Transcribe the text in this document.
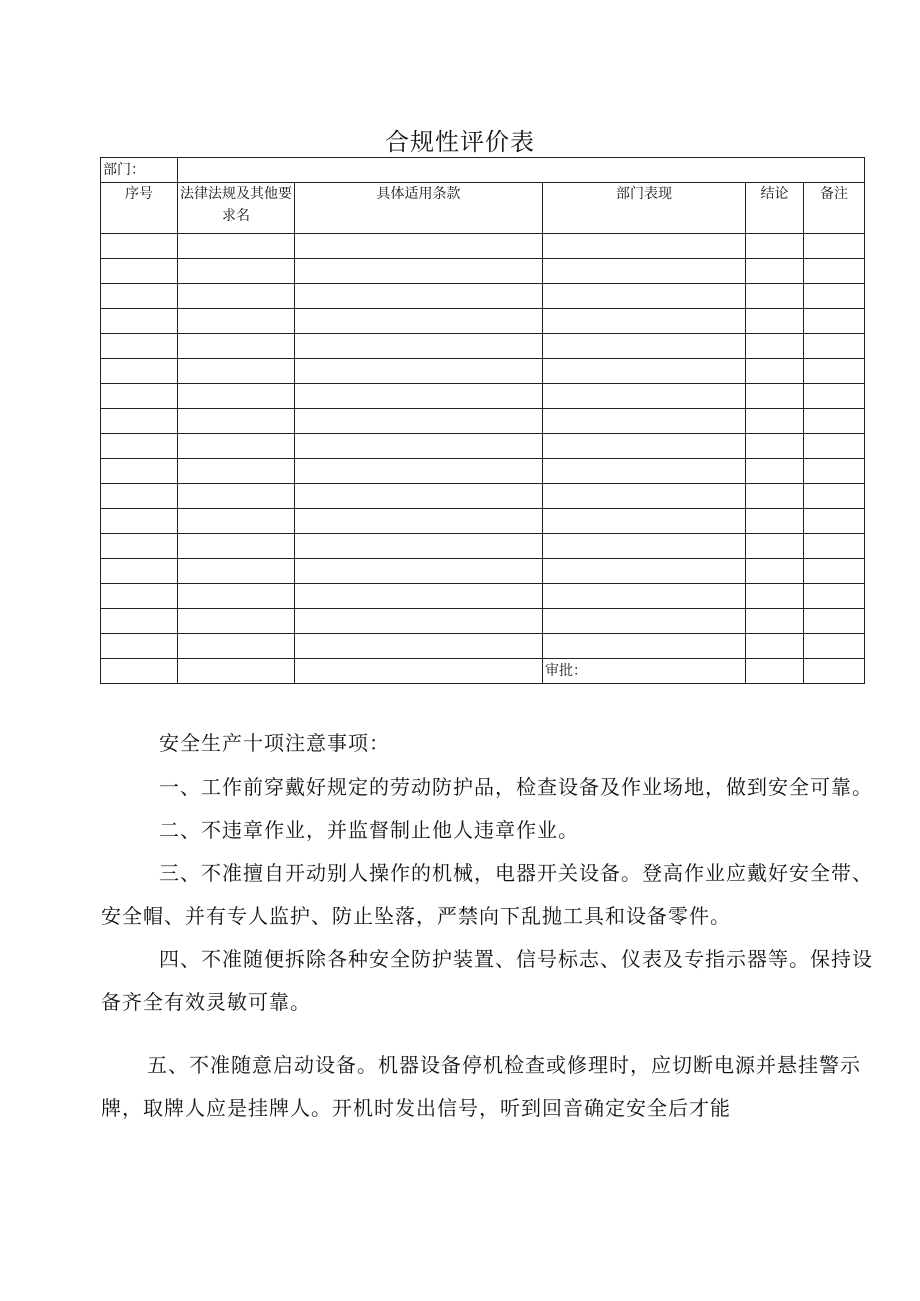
合规性评价表
部门：					
序号	法律法规及其他要求名	具体适用条款	部门表现	结论	备注

			审批：		

安全生产十项注意事项：

一、工作前穿戴好规定的劳动防护品，检查设备及作业场地，做到安全可靠。

二、不违章作业，并监督制止他人违章作业。

三、不准擅自开动别人操作的机械，电器开关设备。登高作业应戴好安全带、安全帽、并有专人监护、防止坠落，严禁向下乱抛工具和设备零件。

四、不准随便拆除各种安全防护装置、信号标志、仪表及专指示器等。保持设备齐全有效灵敏可靠。

五、不准随意启动设备。机器设备停机检查或修理时，应切断电源并悬挂警示牌，取牌人应是挂牌人。开机时发出信号，听到回音确定安全后才能
